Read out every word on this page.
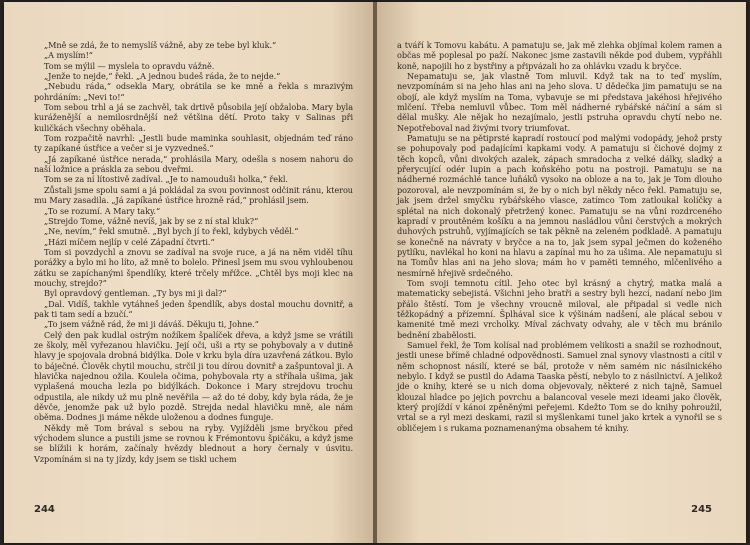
„Mně se zdá, že to nemyslíš vážně, aby ze tebe byl kluk.“

„A myslím!“

Tom se mýlil — myslela to opravdu vážně.

„Jenže to nejde,“ řekl. „A jednou budeš ráda, že to nejde.“

„Nebudu ráda,“ odsekla Mary, obrátila se ke mně a řekla s mrazivým pohrdáním: „Nevi to!“

Tom sebou trhl a já se zachvěl, tak drtivě působila její obžaloba. Mary byla kuráženější a nemilosrdnější než většina dětí. Proto taky v Salinas při kuličkách všechny oběhala.

Tom rozpačitě navrhl: „Jestli bude maminka souhlasit, objednám teď ráno ty zapíkané ústřice a večer si je vyzvedneš.“

„Já zapíkané ústřice nerada,“ prohlásila Mary, odešla s nosem nahoru do naší ložnice a práskla za sebou dveřmi.

Tom se za ní lítostivě zadíval. „Je to namouduši holka,“ řekl.

Zůstali jsme spolu sami a já pokládal za svou povinnost odčinit ránu, kterou mu Mary zasadila. „Já zapíkané ústřice hrozně rád,“ prohlásil jsem.

„To se rozumí. A Mary taky.“

„Strejdo Tome, vážně nevíš, jak by se z ní stal kluk?“

„Ne, nevím,“ řekl smutně. „Byl bych jí to řekl, kdybych věděl.“

„Házi míčem nejlíp v celé Západní čtvrti.“

Tom si povzdychl a znovu se zadíval na svoje ruce, a já na něm viděl tíhu porážky a bylo mi ho líto, až mně to bolelo. Přinesl jsem mu svou vyhloubenou zátku se zapíchanými špendlíky, které trčely mřížce. „Chtěl bys moji klec na mouchy, strejdo?“

Byl opravdový gentleman. „Ty bys mi ji dal?“

„Dal. Vidíš, takhle vytáhneš jeden špendlík, abys dostal mouchu dovnitř, a pak ti tam sedí a bzučí.“

„To jsem vážně rád, že mi ji dáváš. Děkuju ti, Johne.“

Celý den pak kudlal ostrým nožíkem špalíček dřeva, a když jsme se vrátili ze školy, měl vyřezanou hlavičku. Její oči, uši a rty se pohybovaly a v dutině hlavy je spojovala drobná bidýlka. Dole v krku byla díra uzavřená zátkou. Bylo to báječné. Člověk chytil mouchu, strčil ji tou dírou dovnitř a zašpuntoval ji. A hlavička najednou ožila. Koulela očima, pohybovala rty a stříhala ušima, jak vyplašená moucha lezla po bidýlkách. Dokonce i Mary strejdovu trochu odpustila, ale nikdy už mu plně nevěřila — až do té doby, kdy byla ráda, že je děvče, jenomže pak už bylo pozdě. Strejda nedal hlavičku mně, ale nám oběma. Dodnes ji máme někde uloženou a dodnes funguje.

Někdy mě Tom brával s sebou na ryby. Vyjížděli jsme bryčkou před východem slunce a pustili jsme se rovnou k Frémontovu špičáku, a když jsme se blížili k horám, začínaly hvězdy blednout a hory černaly v úsvitu. Vzpomínám si na ty jízdy, kdy jsem se tiskl uchem

244

a tváří k Tomovu kabátu. A pamatuju se, jak mě zlehka objímal kolem ramen a občas mě poplesal po paží. Nakonec jsme zastavili někde pod dubem, vypřáhli koně, napojili ho z bystřiny a připvázali ho za ohlávku vzadu k bryčce.

Nepamatuju se, jak vlastně Tom mluvil. Když tak na to teď myslím, nevzpomínám si na jeho hlas ani na jeho slova. U dědečka jim pamatuju se na obojí, ale když myslím na Toma, vybavuje se mi představa jakéhosi hřejivého mlčení. Třeba nemluvil vůbec. Tom měl nádherné rybářské náčiní a sám si dělal mušky. Ale nějak ho nezajímalo, jestli pstruha opravdu chytí nebo ne. Nepotřeboval nad živými tvory triumfovat.

Pamatuju se na pětiprsté kapradí rostoucí pod malými vodopády, jehož prsty se pohupovaly pod padajícími kapkami vody. A pamatuju si čichové dojmy z těch kopců, vůni divokých azalek, zápach smradocha z velké dálky, sladký a přerycující odér lupin a pach koňského potu na postroji. Pamatuju se na nádherné rozmáchlé tance luňáků vysoko na obloze a na to, jak je Tom dlouho pozoroval, ale nevzpomínám si, že by o nich byl někdy něco řekl. Pamatuju se, jak jsem držel smyčku rybářského vlasce, zatímco Tom zatloukal kolíčky a splétal na nich dokonalý přetržený konec. Pamatuju se na vůni rozdrceného kapradí v proutěném košíku a na jemnou nasládlou vůni čerstvých a mokrých duhových pstruhů, vyjímajících se tak pěkně na zeleném podkladě. A pamatuju se konečně na návraty v bryčce a na to, jak jsem sypal ječmen do koženého pytlíku, navlékal ho koni na hlavu a zapínal mu ho za ušima. Ale nepamatuju si na Tomův hlas ani na jeho slova; mám ho v paměti temného, mlčenlivého a nesmírně hřejivě srdečného.

Tom svoji temnotu cítil. Jeho otec byl krásný a chytrý, matka malá a matematicky sebejistá. Všichni jeho bratři a sestry byli hezcí, nadaní nebo jim přálo štěstí. Tom je všechny vroucně miloval, ale připadal si vedle nich těžkopádný a přízemní. Šplhával sice k výšinám nadšení, ale plácal sebou v kamenité tmě mezi vrcholky. Míval záchvaty odvahy, ale v těch mu bránilo bednění zbabělosti.

Samuel řekl, že Tom kolísal nad problémem velikosti a snažil se rozhodnout, jestli unese břímě chladné odpovědnosti. Samuel znal synovy vlastnosti a cítil v něm schopnost násilí, které se bál, protože v něm samém nic násilnického nebylo. I když se pustil do Adama Taaska pěstí, nebylo to z násilnictví. A jelikož jde o knihy, které se u nich doma objevovaly, některé z nich tajně, Samuel klouzal hladce po jejich povrchu a balancoval vesele mezi ideami jako člověk, který projíždí v kánoi zpěněnými peřejemi. Kdežto Tom se do knihy pohroužil, vrtal se a ryl mezi deskami, razil si myšlenkami tunel jako krtek a vynořil se s obličejem i s rukama poznamenanýma obsahem té knihy.

245
